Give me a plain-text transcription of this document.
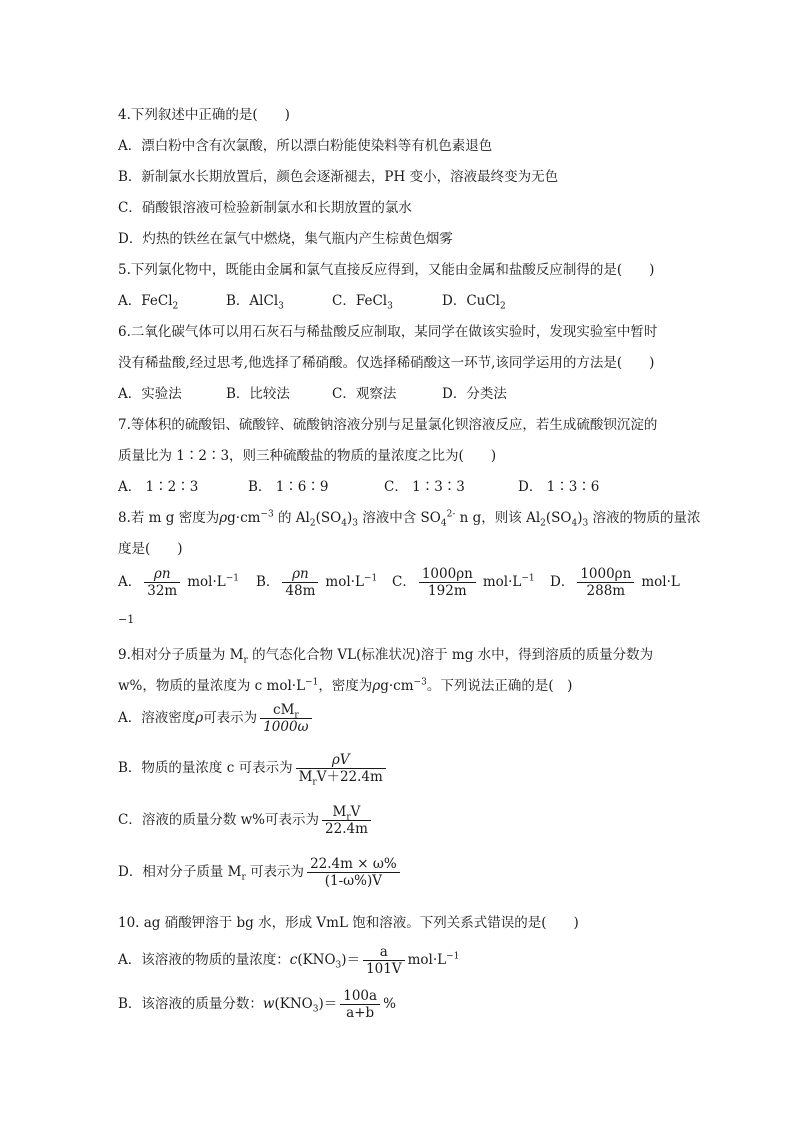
4.下列叙述中正确的是(　　)
A．漂白粉中含有次氯酸，所以漂白粉能使染料等有机色素退色
B．新制氯水长期放置后，颜色会逐渐褪去，PH 变小，溶液最终变为无色
C．硝酸银溶液可检验新制氯水和长期放置的氯水
D．灼热的铁丝在氯气中燃烧，集气瓶内产生棕黄色烟雾
5.下列氯化物中，既能由金属和氯气直接反应得到，又能由金属和盐酸反应制得的是(　　)
A．FeCl$_2$	B．AlCl$_3$	C．FeCl$_3$	D．CuCl$_2$
6.二氧化碳气体可以用石灰石与稀盐酸反应制取，某同学在做该实验时，发现实验室中暂时
没有稀盐酸,经过思考,他选择了稀硝酸。仅选择稀硝酸这一环节,该同学运用的方法是(　　)
A．实验法	B．比较法	C．观察法	D．分类法
7.等体积的硫酸铝、硫酸锌、硫酸钠溶液分别与足量氯化钡溶液反应，若生成硫酸钡沉淀的
质量比为 1∶2∶3，则三种硫酸盐的物质的量浓度之比为(　　)
A． 1∶2∶3	B． 1∶6∶9	C． 1∶3∶3	D． 1∶3∶6
8.若 m g 密度为$\rho g\cdot cm^{-3}$ 的 $Al_2(SO_4)_3$ 溶液中含 $SO_4^{2-}$ n g，则该 $Al_2(SO_4)_3$ 溶液的物质的量浓
度是(　　)
A． $\frac{\rho n}{32m} mol\cdot L^{-1}$ B． $\frac{\rho n}{48m} mol\cdot L^{-1}$ C． $\frac{1000\rho n}{192m} mol\cdot L^{-1}$ D． $\frac{1000\rho n}{288m} mol\cdot L$
−1
9.相对分子质量为 $M_r$ 的气态化合物 VL(标准状况)溶于 mg 水中，得到溶质的质量分数为
w%，物质的量浓度为 c $mol\cdot L^{-1}$，密度为$\rho g\cdot cm^{-3}$。下列说法正确的是(　)
A．溶液密度ρ可表示为 $\frac{cM_r}{1000\omega}$
B．物质的量浓度 c 可表示为 $\frac{\rho V}{M_rV+22.4m}$
C．溶液的质量分数 w%可表示为 $\frac{M_rV}{22.4m}$
D．相对分子质量 $M_r$ 可表示为 $\frac{22.4m \times \omega\%}{(1-\omega\%)V}$
10. ag 硝酸钾溶于 bg 水，形成 VmL 饱和溶液。下列关系式错误的是(　　)
A．该溶液的物质的量浓度：$c(KNO_3)= \frac{a}{101V} mol\cdot L^{-1}$
B．该溶液的质量分数：$w(KNO_3)= \frac{100a}{a+b}$ %
